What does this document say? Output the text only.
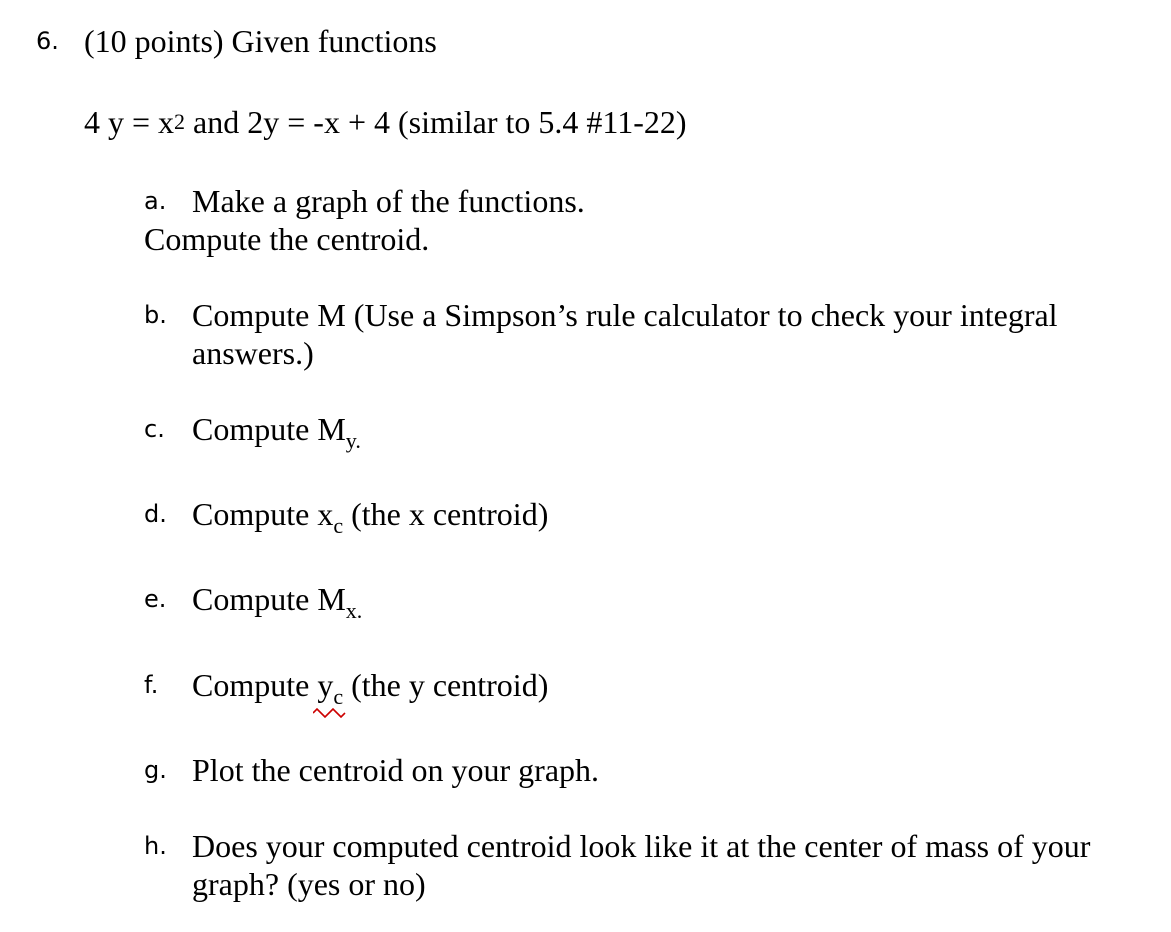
6. (10 points) Given functions
4 $y = x^2$ and 2y = -x + 4 (similar to 5.4 #11-22)
a. Make a graph of the functions.
Compute the centroid.
b. Compute M (Use a Simpson’s rule calculator to check your integral
answers.)
c. Compute $M_{y.}$
d. Compute $x_c$ (the x centroid)
e. Compute $M_{x.}$
f. Compute $y_c$
(the y centroid)
g. Plot the centroid on your graph.
h. Does your computed centroid look like it at the center of mass of your
graph? (yes or no)
